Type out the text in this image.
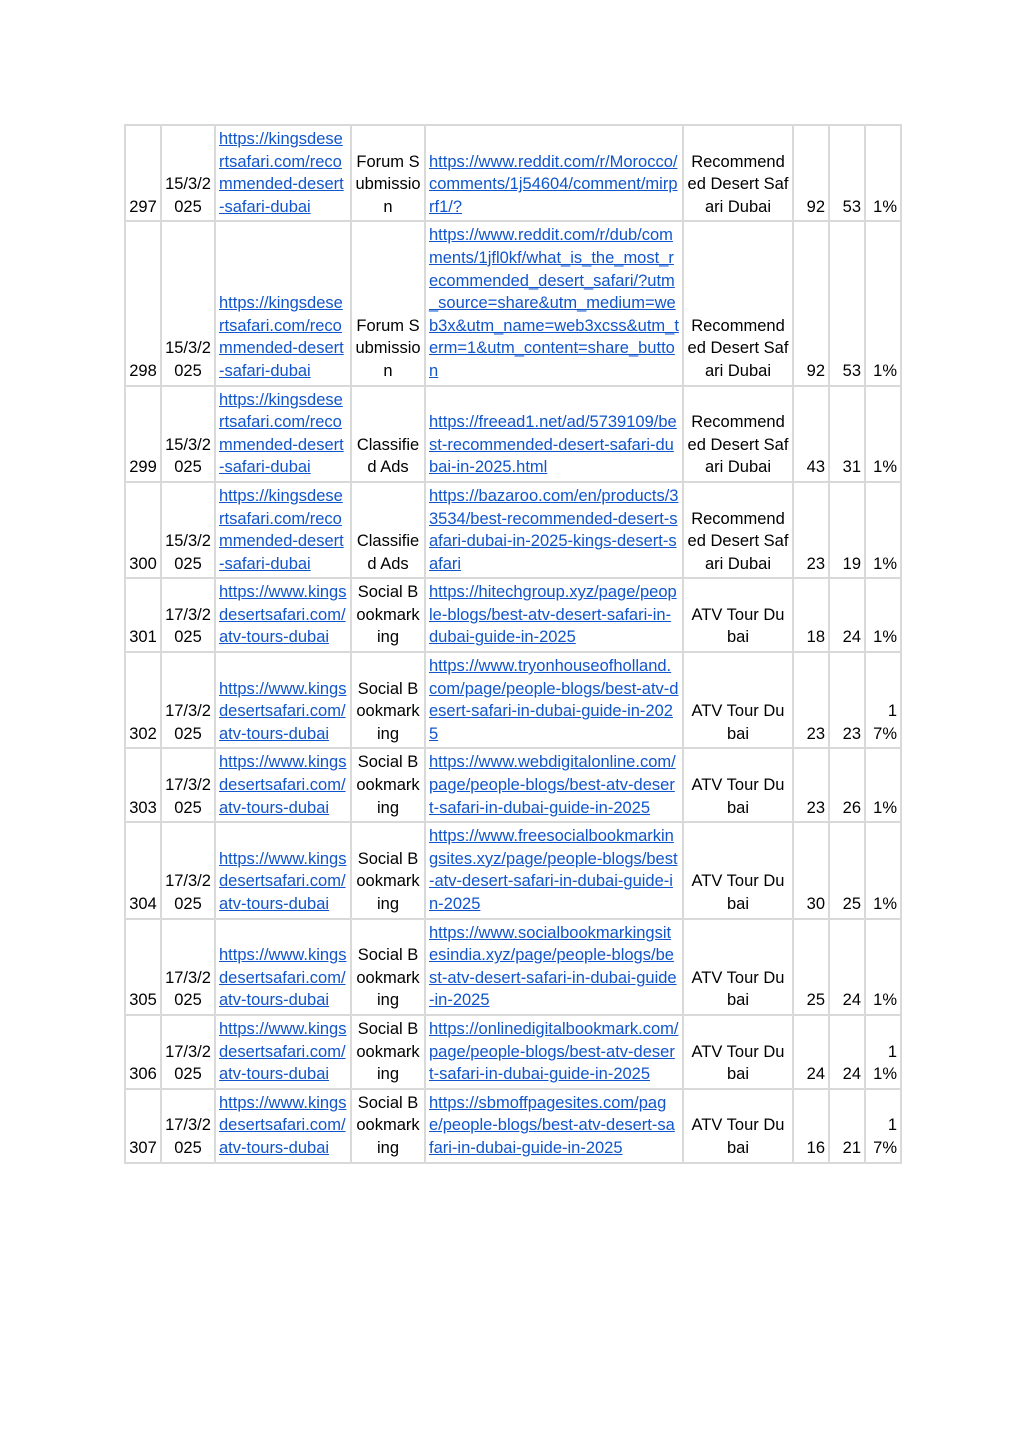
297	15/3/2025	https://kingsdesertsafari.com/recommended-desert-safari-dubai	Forum Submission	https://www.reddit.com/r/Morocco/comments/1j54604/comment/mirprf1/?	Recommended Desert Safari Dubai	92	53	1%
298	15/3/2025	https://kingsdesertsafari.com/recommended-desert-safari-dubai	Forum Submission	https://www.reddit.com/r/dub/comments/1jfl0kf/what_is_the_most_recommended_desert_safari/?utm_source=share&utm_medium=web3x&utm_name=web3xcss&utm_term=1&utm_content=share_button	Recommended Desert Safari Dubai	92	53	1%
299	15/3/2025	https://kingsdesertsafari.com/recommended-desert-safari-dubai	Classified Ads	https://freead1.net/ad/5739109/best-recommended-desert-safari-dubai-in-2025.html	Recommended Desert Safari Dubai	43	31	1%
300	15/3/2025	https://kingsdesertsafari.com/recommended-desert-safari-dubai	Classified Ads	https://bazaroo.com/en/products/33534/best-recommended-desert-safari-dubai-in-2025-kings-desert-safari	Recommended Desert Safari Dubai	23	19	1%
301	17/3/2025	https://www.kingsdesertsafari.com/atv-tours-dubai	Social Bookmarking	https://hitechgroup.xyz/page/people-blogs/best-atv-desert-safari-in-dubai-guide-in-2025	ATV Tour Dubai	18	24	1%
302	17/3/2025	https://www.kingsdesertsafari.com/atv-tours-dubai	Social Bookmarking	https://www.tryonhouseofholland.com/page/people-blogs/best-atv-desert-safari-in-dubai-guide-in-2025	ATV Tour Dubai	23	23	17%
303	17/3/2025	https://www.kingsdesertsafari.com/atv-tours-dubai	Social Bookmarking	https://www.webdigitalonline.com/page/people-blogs/best-atv-desert-safari-in-dubai-guide-in-2025	ATV Tour Dubai	23	26	1%
304	17/3/2025	https://www.kingsdesertsafari.com/atv-tours-dubai	Social Bookmarking	https://www.freesocialbookmarkingsites.xyz/page/people-blogs/best-atv-desert-safari-in-dubai-guide-in-2025	ATV Tour Dubai	30	25	1%
305	17/3/2025	https://www.kingsdesertsafari.com/atv-tours-dubai	Social Bookmarking	https://www.socialbookmarkingsitesindia.xyz/page/people-blogs/best-atv-desert-safari-in-dubai-guide-in-2025	ATV Tour Dubai	25	24	1%
306	17/3/2025	https://www.kingsdesertsafari.com/atv-tours-dubai	Social Bookmarking	https://onlinedigitalbookmark.com/page/people-blogs/best-atv-desert-safari-in-dubai-guide-in-2025	ATV Tour Dubai	24	24	11%
307	17/3/2025	https://www.kingsdesertsafari.com/atv-tours-dubai	Social Bookmarking	https://sbmoffpagesites.com/page/people-blogs/best-atv-desert-safari-in-dubai-guide-in-2025	ATV Tour Dubai	16	21	17%
